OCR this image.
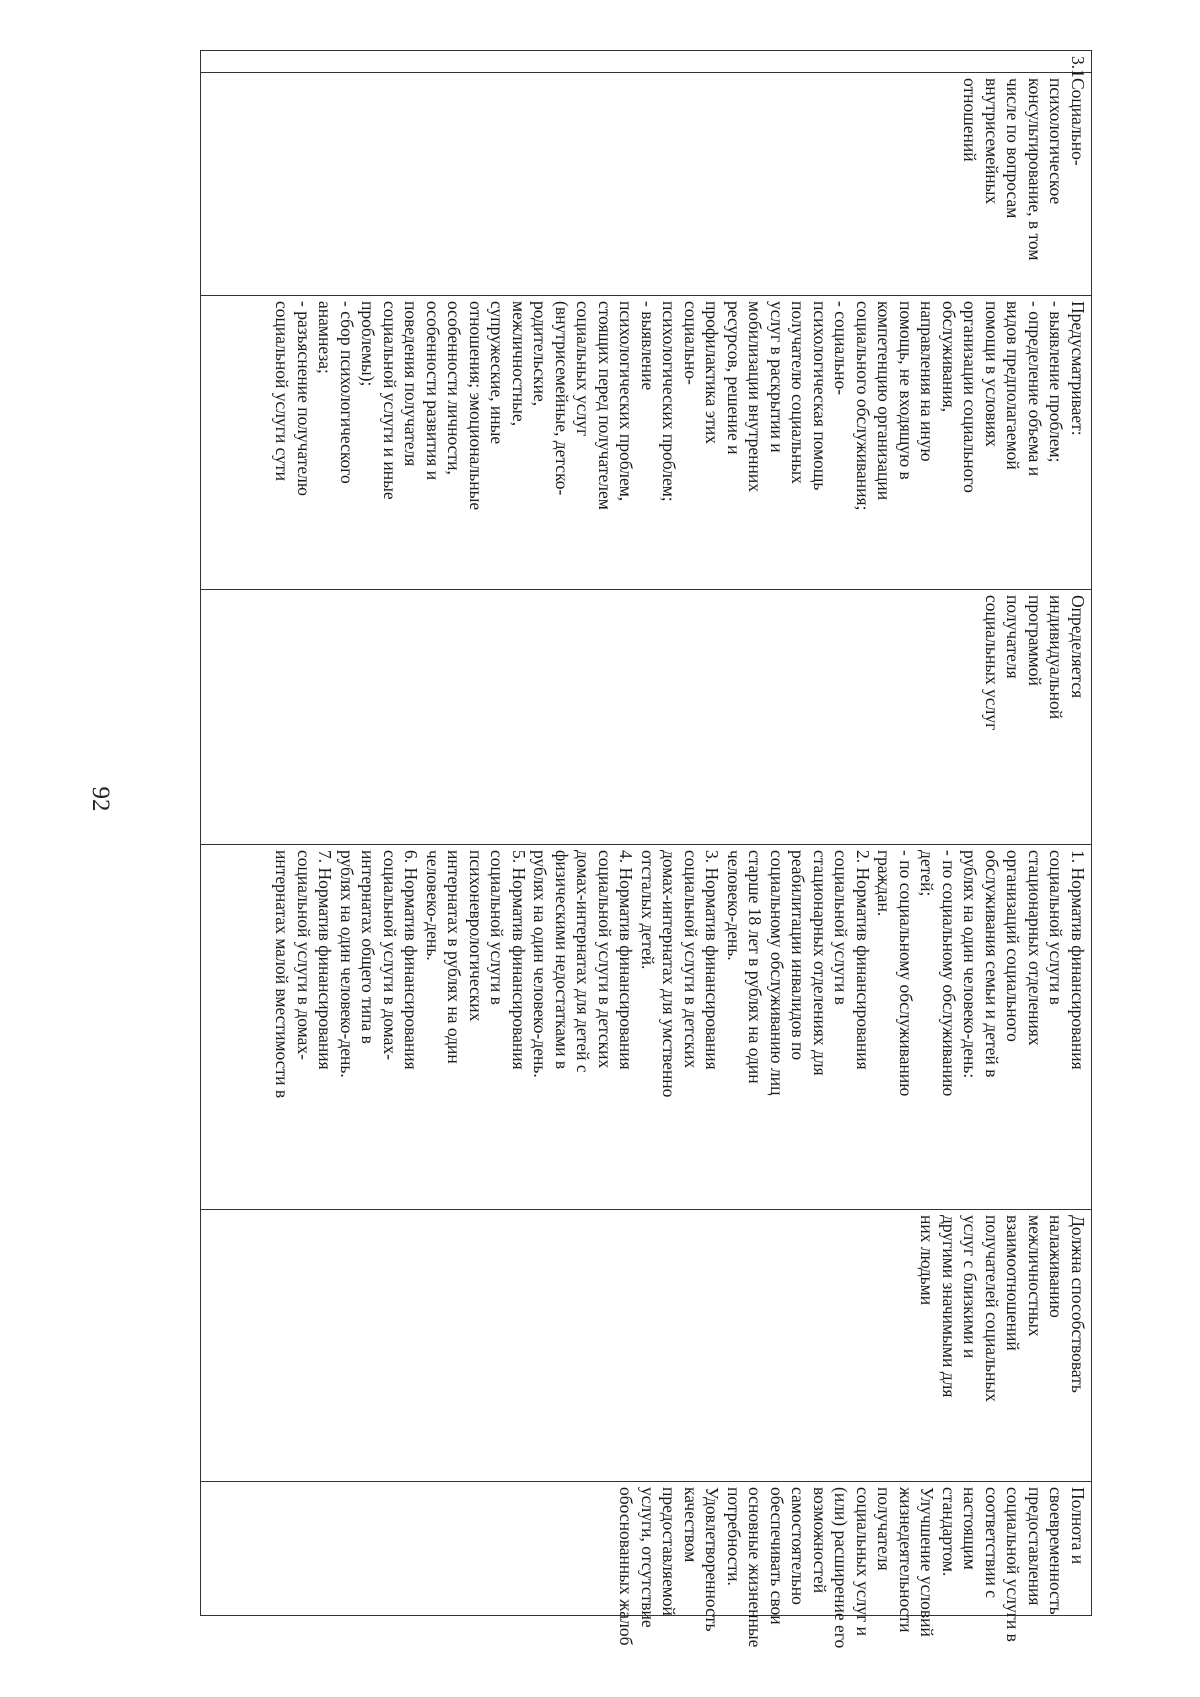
92
3.1

Социально-
психологическое
консультирование, в том
числе по вопросам
внутрисемейных
отношений

Предусматривает:
- выявление проблем;
- определение объема и
видов предполагаемой
помощи в условиях
организации социального
обслуживания,
направления на иную
помощь, не входящую в
компетенцию организации
социального обслуживания;
- социально-
психологическая помощь
получателю социальных
услуг в раскрытии и
мобилизации внутренних
ресурсов, решение и
профилактика этих
социально-
психологических проблем;
- выявление
психологических проблем,
стоящих перед получателем
социальных услуг
(внутрисемейные, детско-
родительские,
межличностные,
супружеские, иные
отношения; эмоциональные
особенности личности,
особенности развития и
поведения получателя
социальной услуги и иные
проблемы);
- сбор психологического
анамнеза;
- разъяснение получателю
социальной услуги сути

Определяется
индивидуальной
программой
получателя
социальных услуг

1. Норматив финансирования
социальной услуги в
стационарных отделениях
организаций социального
обслуживания семьи и детей в
рублях на один человеко-день:
- по социальному обслуживанию
детей;
- по социальному обслуживанию
граждан.
2. Норматив финансирования
социальной услуги в
стационарных отделениях для
реабилитации инвалидов по
социальному обслуживанию лиц
старше 18 лет в рублях на один
человеко-день.
3. Норматив финансирования
социальной услуги в детских
домах-интернатах для умственно
отсталых детей.
4. Норматив финансирования
социальной услуги в детских
домах-интернатах для детей с
физическими недостатками в
рублях на один человеко-день.
5. Норматив финансирования
социальной услуги в
психоневрологических
интернатах в рублях на один
человеко-день.
6. Норматив финансирования
социальной услуги в домах-
интернатах общего типа в
рублях на один человеко-день.
7. Норматив финансирования
социальной услуги в домах-
интернатах малой вместимости в

Должна способствовать
налаживанию
межличностных
взаимоотношений
получателей социальных
услуг с близкими и
другими значимыми для
них людьми

Полнота и
своевременность
предоставления
социальной услуги в
соответствии с
настоящим
стандартом.
Улучшение условий
жизнедеятельности
получателя
социальных услуг и
(или) расширение его
возможностей
самостоятельно
обеспечивать свои
основные жизненные
потребности.
Удовлетворенность
качеством
предоставляемой
услуги, отсутствие
обоснованных жалоб
